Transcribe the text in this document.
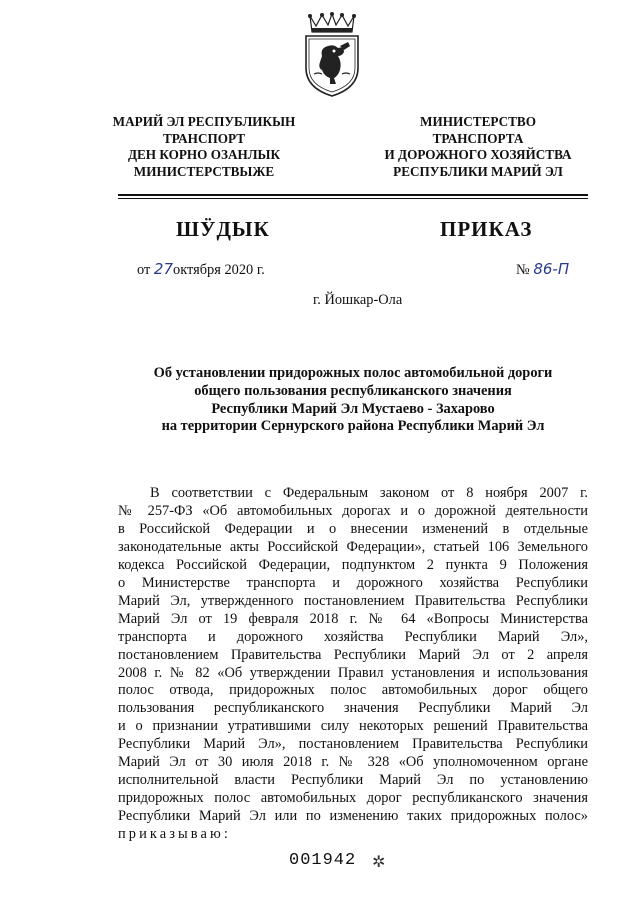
МАРИЙ ЭЛ РЕСПУБЛИКЫН
ТРАНСПОРТ
ДЕН КОРНО ОЗАНЛЫК
МИНИСТЕРСТВЫЖЕ
МИНИСТЕРСТВО
ТРАНСПОРТА
И ДОРОЖНОГО ХОЗЯЙСТВА
РЕСПУБЛИКИ МАРИЙ ЭЛ
ШӰДЫК	ПРИКАЗ
от 27октября 2020 г.	№ 86-П
г. Йошкар-Ола
Об установлении придорожных полос автомобильной дороги
общего пользования республиканского значения
Республики Марий Эл Мустаево - Захарово
на территории Сернурского района Республики Марий Эл
В соответствии с Федеральным законом от 8 ноября 2007 г.
№ 257-ФЗ «Об автомобильных дорогах и о дорожной деятельности
в Российской Федерации и о внесении изменений в отдельные
законодательные акты Российской Федерации», статьей 106 Земельного
кодекса Российской Федерации, подпунктом 2 пункта 9 Положения
о Министерстве транспорта и дорожного хозяйства Республики
Марий Эл, утвержденного постановлением Правительства Республики
Марий Эл от 19 февраля 2018 г. № 64 «Вопросы Министерства
транспорта и дорожного хозяйства Республики Марий Эл»,
постановлением Правительства Республики Марий Эл от 2 апреля
2008 г. № 82 «Об утверждении Правил установления и использования
полос отвода, придорожных полос автомобильных дорог общего
пользования республиканского значения Республики Марий Эл
и о признании утратившими силу некоторых решений Правительства
Республики Марий Эл», постановлением Правительства Республики
Марий Эл от 30 июля 2018 г. № 328 «Об уполномоченном органе
исполнительной власти Республики Марий Эл по установлению
придорожных полос автомобильных дорог республиканского значения
Республики Марий Эл или по изменению таких придорожных полос»
приказываю:
001942 ✲
